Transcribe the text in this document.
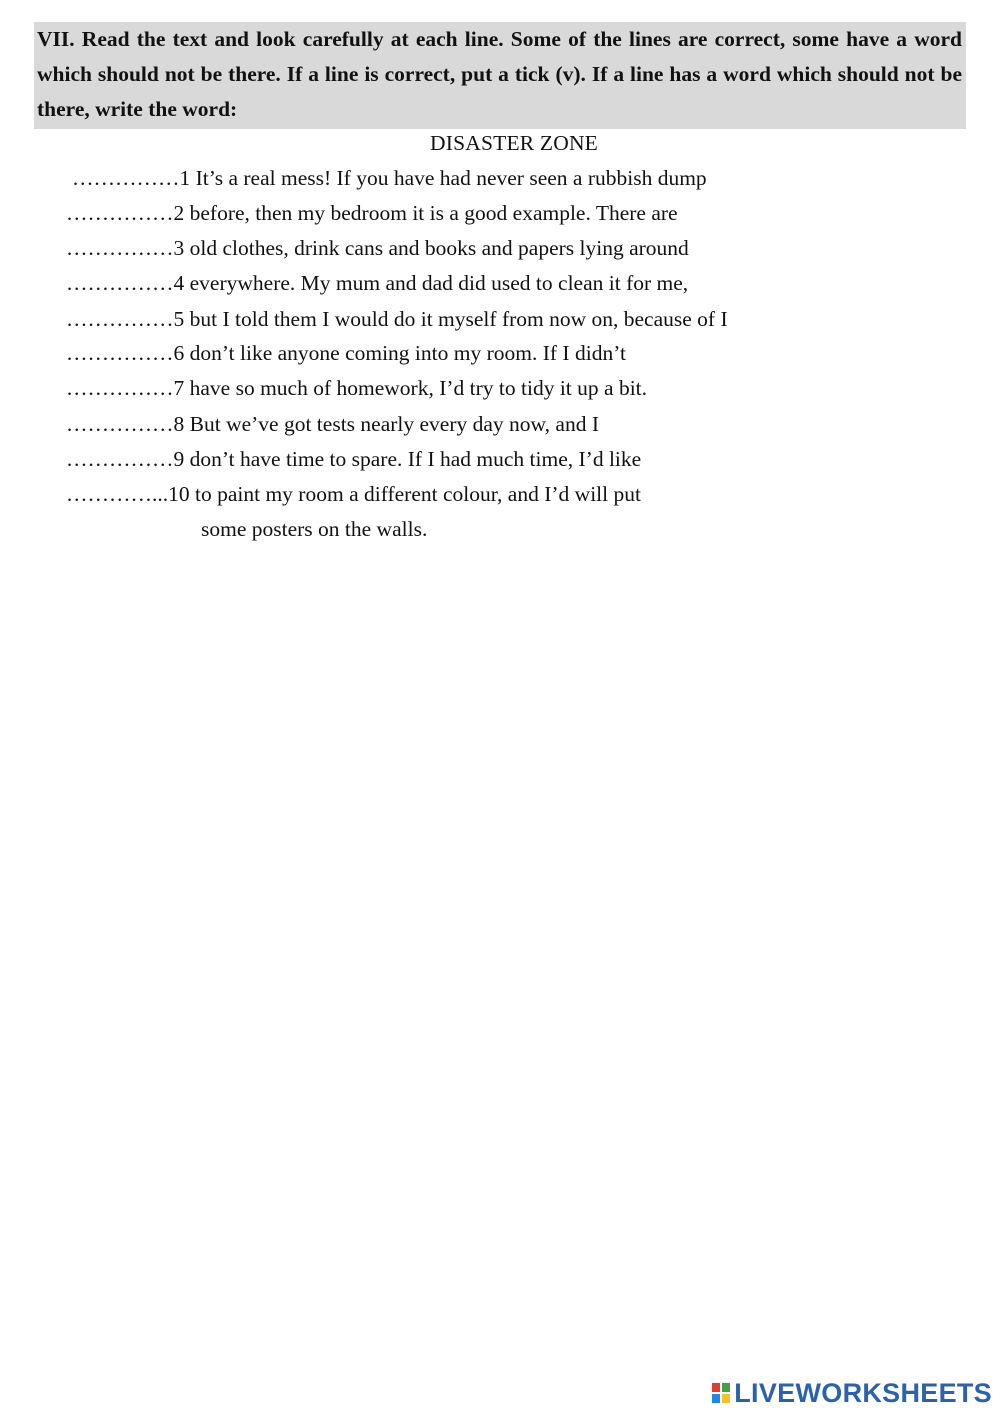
VII. Read the text and look carefully at each line. Some of the lines are correct, some have a word which should not be there. If a line is correct, put a tick (v). If a line has a word which should not be there, write the word:
DISASTER ZONE
……………1 It’s a real mess! If you have had never seen a rubbish dump
……………2 before, then my bedroom it is a good example. There are
……………3 old clothes, drink cans and books and papers lying around
……………4 everywhere. My mum and dad did used to clean it for me,
……………5 but I told them I would do it myself from now on, because of I
……………6 don’t like anyone coming into my room. If I didn’t
……………7 have so much of homework, I’d try to tidy it up a bit.
……………8 But we’ve got tests nearly every day now, and I
……………9 don’t have time to spare. If I had much time, I’d like
…………...10 to paint my room a different colour, and I’d will put
some posters on the walls.
LIVEWORKSHEETS
